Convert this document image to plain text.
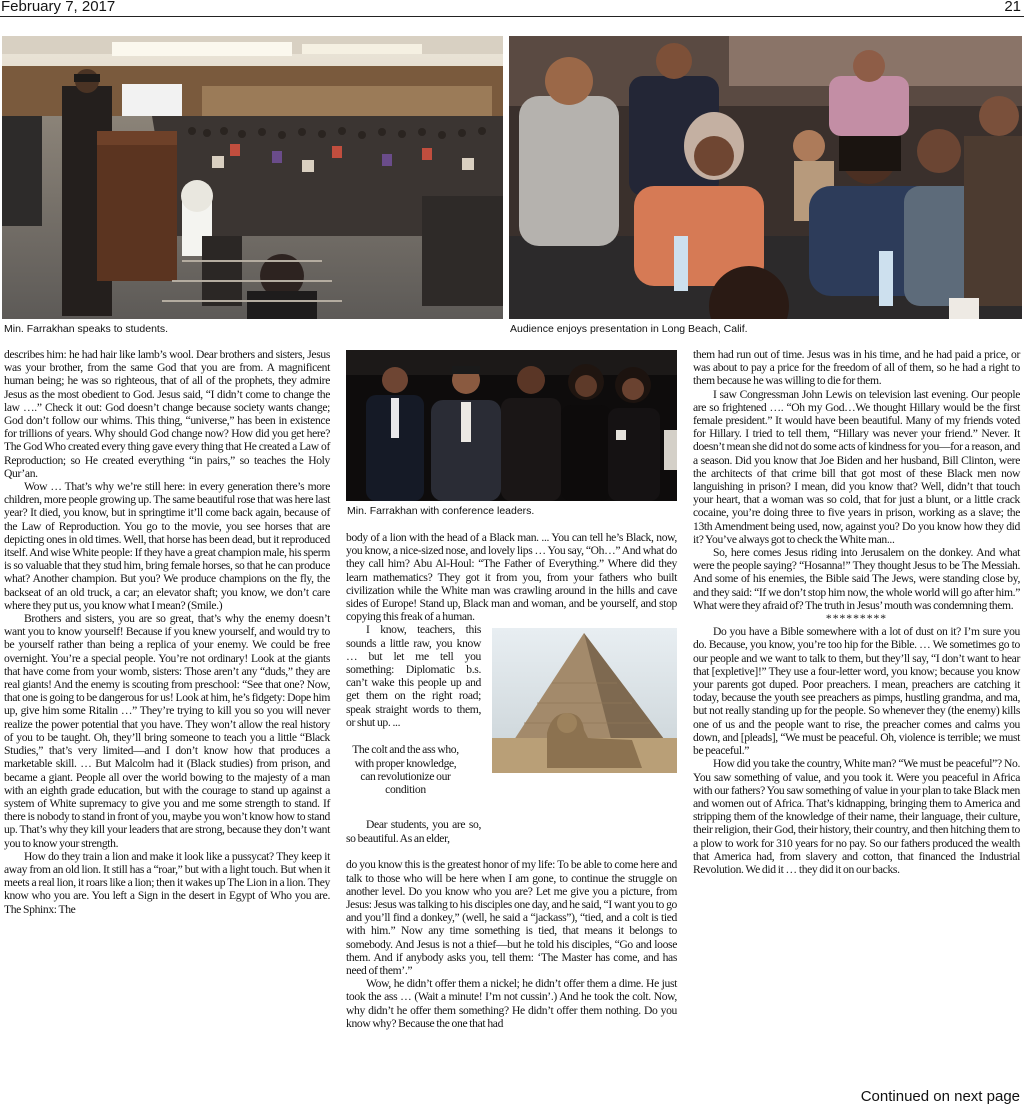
February 7, 2017	21
Min. Farrakhan speaks to students.	Audience enjoys presentation in Long Beach, Calif.

describes him: he had hair like lamb’s wool. Dear brothers and sisters, Jesus was your brother, from the same God that you are from. A magnificent human being; he was so righteous, that of all of the prophets, they admire Jesus as the most obedient to God. Jesus said, “I didn’t come to change the law ….” Check it out: God doesn’t change because society wants change; God don’t follow our whims. This thing, “universe,” has been in existence for trillions of years. Why should God change now? How did you get here? The God Who created every thing gave every thing that He created a Law of Reproduction; so He created everything “in pairs,” so teaches the Holy Qur’an.

Wow … That’s why we’re still here: in every generation there’s more children, more people growing up. The same beautiful rose that was here last year? It died, you know, but in springtime it’ll come back again, because of the Law of Reproduction. You go to the movie, you see horses that are depicting ones in old times. Well, that horse has been dead, but it reproduced itself. And wise White people: If they have a great champion male, his sperm is so valuable that they stud him, bring female horses, so that he can produce what? Another champion. But you? We produce champions on the fly, the backseat of an old truck, a car; an elevator shaft; you know, we don’t care where they put us, you know what I mean? (Smile.)

Brothers and sisters, you are so great, that’s why the enemy doesn’t want you to know yourself! Because if you knew yourself, and would try to be yourself rather than being a replica of your enemy. We could be free overnight. You’re a special people. You’re not ordinary! Look at the giants that have come from your womb, sisters: Those aren’t any “duds,” they are real giants! And the enemy is scouting from preschool: “See that one? Now, that one is going to be dangerous for us! Look at him, he’s fidgety: Dope him up, give him some Ritalin …” They’re trying to kill you so you will never realize the power potential that you have. They won’t allow the real history of you to be taught. Oh, they’ll bring someone to teach you a little “Black Studies,” that’s very limited—and I don’t know how that produces a marketable skill. … But Malcolm had it (Black studies) from prison, and became a giant. People all over the world bowing to the majesty of a man with an eighth grade education, but with the courage to stand up against a system of White supremacy to give you and me some strength to stand. If there is nobody to stand in front of you, maybe you won’t know how to stand up. That’s why they kill your leaders that are strong, because they don’t want you to know your strength.

How do they train a lion and make it look like a pussycat? They keep it away from an old lion. It still has a “roar,” but with a light touch. But when it meets a real lion, it roars like a lion; then it wakes up The Lion in a lion. They know who you are. You left a Sign in the desert in Egypt of Who you are. The Sphinx: The

Min. Farrakhan with conference leaders.

body of a lion with the head of a Black man. ... You can tell he’s Black, now, you know, a nice-sized nose, and lovely lips … You say, “Oh…” And what do they call him? Abu Al-Houl: “The Father of Everything.” Where did they learn mathematics? They got it from you, from your fathers who built civilization while the White man was crawling around in the hills and cave sides of Europe! Stand up, Black man and woman, and be yourself, and stop copying this freak of a human.

I know, teachers, this sounds a little raw, you know … but let me tell you something: Diplomatic b.s. can’t wake this people up and get them on the right road; speak straight words to them, or shut up. ...

The colt and the ass who, with proper knowledge, can revolutionize our condition

Dear students, you are so, so beautiful. As an elder,

do you know this is the greatest honor of my life: To be able to come here and talk to those who will be here when I am gone, to continue the struggle on another level. Do you know who you are? Let me give you a picture, from Jesus: Jesus was talking to his disciples one day, and he said, “I want you to go and you’ll find a donkey,” (well, he said a “jackass”), “tied, and a colt is tied with him.” Now any time something is tied, that means it belongs to somebody. And Jesus is not a thief—but he told his disciples, “Go and loose them. And if anybody asks you, tell them: ‘The Master has come, and has need of them’.”

Wow, he didn’t offer them a nickel; he didn’t offer them a dime. He just took the ass … (Wait a minute! I’m not cussin’.) And he took the colt. Now, why didn’t he offer them something? He didn’t offer them nothing. Do you know why? Because the one that had

them had run out of time. Jesus was in his time, and he had paid a price, or was about to pay a price for the freedom of all of them, so he had a right to them because he was willing to die for them.

I saw Congressman John Lewis on television last evening. Our people are so frightened …. “Oh my God…We thought Hillary would be the first female president.” It would have been beautiful. Many of my friends voted for Hillary. I tried to tell them, “Hillary was never your friend.” Never. It doesn’t mean she did not do some acts of kindness for you—for a reason, and a season. Did you know that Joe Biden and her husband, Bill Clinton, were the architects of that crime bill that got most of these Black men now languishing in prison? I mean, did you know that? Well, didn’t that touch your heart, that a woman was so cold, that for just a blunt, or a little crack cocaine, you’re doing three to five years in prison, working as a slave; the 13th Amendment being used, now, against you? Do you know how they did it? You’ve always got to check the White man...

So, here comes Jesus riding into Jerusalem on the donkey. And what were the people saying? “Hosanna!” They thought Jesus to be The Messiah. And some of his enemies, the Bible said The Jews, were standing close by, and they said: “If we don’t stop him now, the whole world will go after him.” What were they afraid of? The truth in Jesus’ mouth was condemning them.

*********

Do you have a Bible somewhere with a lot of dust on it? I’m sure you do. Because, you know, you’re too hip for the Bible. … We sometimes go to our people and we want to talk to them, but they’ll say, “I don’t want to hear that [expletive]!” They use a four-letter word, you know; because you know your parents got duped. Poor preachers. I mean, preachers are catching it today, because the youth see preachers as pimps, hustling grandma, and ma, but not really standing up for the people. So whenever they (the enemy) kills one of us and the people want to rise, the preacher comes and calms you down, and [pleads], “We must be peaceful. Oh, violence is terrible; we must be peaceful.”

How did you take the country, White man? “We must be peaceful”? No. You saw something of value, and you took it. Were you peaceful in Africa with our fathers? You saw something of value in your plan to take Black men and women out of Africa. That’s kidnapping, bringing them to America and stripping them of the knowledge of their name, their language, their culture, their religion, their God, their history, their country, and then hitching them to a plow to work for 310 years for no pay. So our fathers produced the wealth that America had, from slavery and cotton, that financed the Industrial Revolution. We did it … they did it on our backs.

Continued on next page
